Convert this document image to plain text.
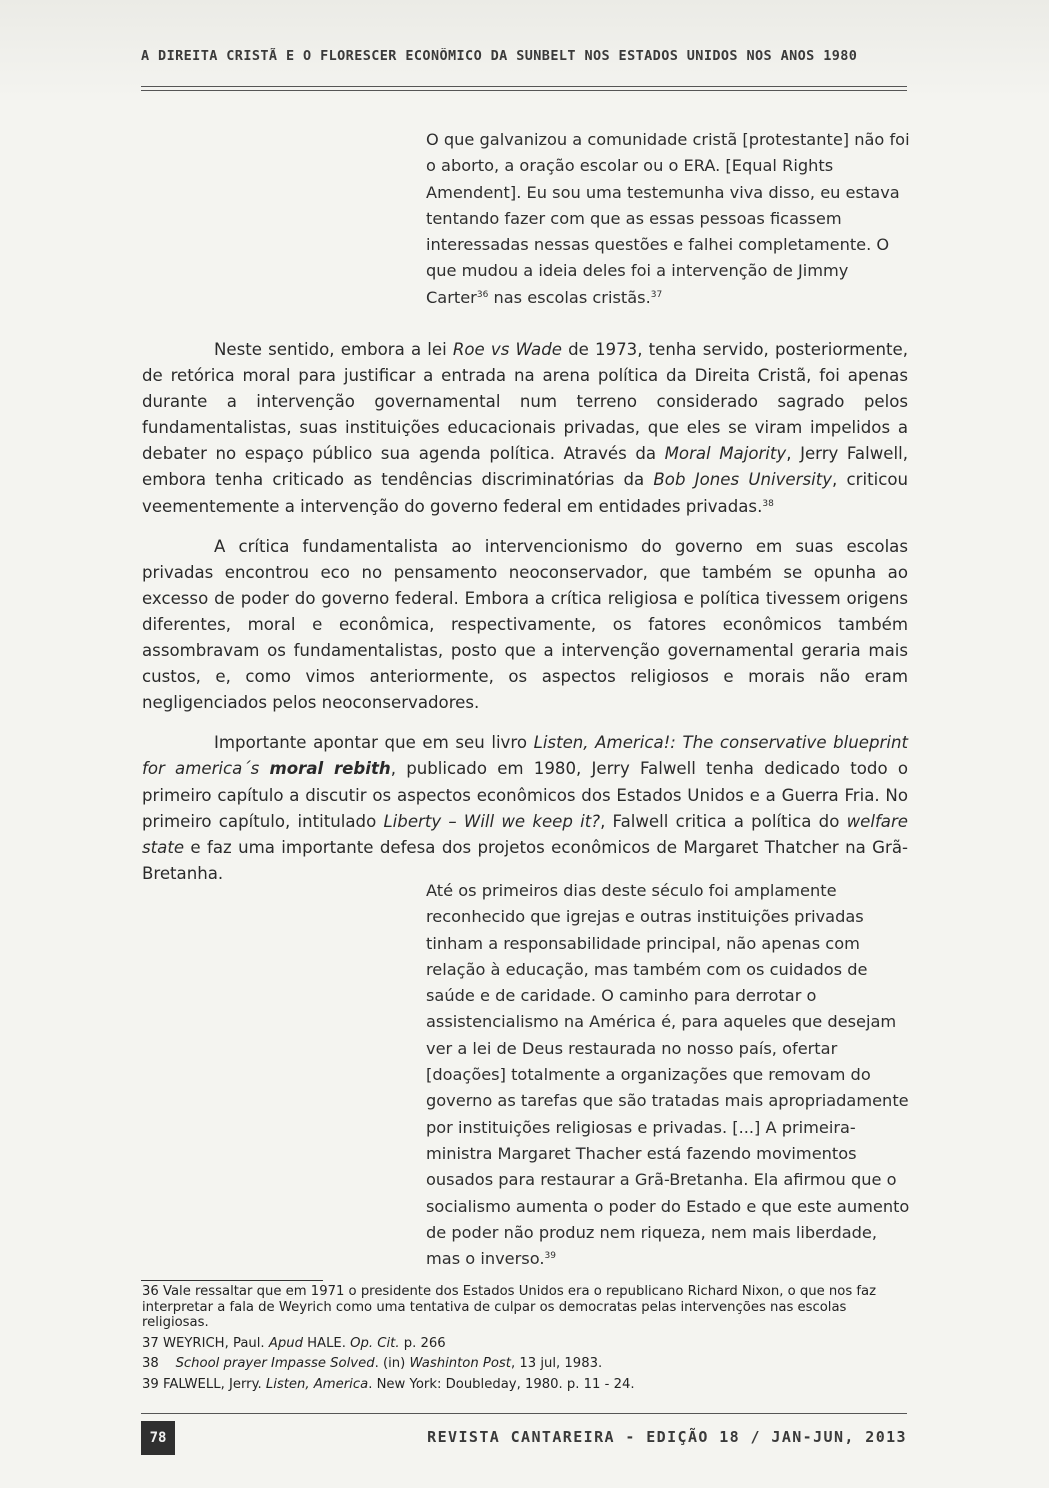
A DIREITA CRISTÃ E O FLORESCER ECONÔMICO DA SUNBELT NOS ESTADOS UNIDOS NOS ANOS 1980

O que galvanizou a comunidade cristã [protestante] não foi o aborto, a oração escolar ou o ERA. [Equal Rights Amendent]. Eu sou uma testemunha viva disso, eu estava tentando fazer com que as essas pessoas ficassem interessadas nessas questões e falhei completamente. O que mudou a ideia deles foi a intervenção de Jimmy Carter$^{36}$ nas escolas cristãs.$^{37}$

Neste sentido, embora a lei Roe vs Wade de 1973, tenha servido, posteriormente, de retórica moral para justificar a entrada na arena política da Direita Cristã, foi apenas durante a intervenção governamental num terreno considerado sagrado pelos fundamentalistas, suas instituições educacionais privadas, que eles se viram impelidos a debater no espaço público sua agenda política. Através da Moral Majority, Jerry Falwell, embora tenha criticado as tendências discriminatórias da Bob Jones University, criticou veementemente a intervenção do governo federal em entidades privadas.$^{38}$

A crítica fundamentalista ao intervencionismo do governo em suas escolas privadas encontrou eco no pensamento neoconservador, que também se opunha ao excesso de poder do governo federal. Embora a crítica religiosa e política tivessem origens diferentes, moral e econômica, respectivamente, os fatores econômicos também assombravam os fundamentalistas, posto que a intervenção governamental geraria mais custos, e, como vimos anteriormente, os aspectos religiosos e morais não eram negligenciados pelos neoconservadores.

Importante apontar que em seu livro Listen, America!: The conservative blueprint for america´s moral rebith, publicado em 1980, Jerry Falwell tenha dedicado todo o primeiro capítulo a discutir os aspectos econômicos dos Estados Unidos e a Guerra Fria. No primeiro capítulo, intitulado Liberty – Will we keep it?, Falwell critica a política do welfare state e faz uma importante defesa dos projetos econômicos de Margaret Thatcher na Grã-Bretanha.

Até os primeiros dias deste século foi amplamente reconhecido que igrejas e outras instituições privadas tinham a responsabilidade principal, não apenas com relação à educação, mas também com os cuidados de saúde e de caridade. O caminho para derrotar o assistencialismo na América é, para aqueles que desejam ver a lei de Deus restaurada no nosso país, ofertar [doações] totalmente a organizações que removam do governo as tarefas que são tratadas mais apropriadamente por instituições religiosas e privadas. [...] A primeira-ministra Margaret Thacher está fazendo movimentos ousados para restaurar a Grã-Bretanha. Ela afirmou que o socialismo aumenta o poder do Estado e que este aumento de poder não produz nem riqueza, nem mais liberdade, mas o inverso.$^{39}$

36 Vale ressaltar que em 1971 o presidente dos Estados Unidos era o republicano Richard Nixon, o que nos faz interpretar a fala de Weyrich como uma tentativa de culpar os democratas pelas intervenções nas escolas religiosas.

37 WEYRICH, Paul. Apud HALE. Op. Cit. p. 266

38    School prayer Impasse Solved. (in) Washinton Post, 13 jul, 1983.

39 FALWELL, Jerry. Listen, America. New York: Doubleday, 1980. p. 11 - 24.

78	REVISTA CANTAREIRA - EDIÇÃO 18 / JAN-JUN, 2013
